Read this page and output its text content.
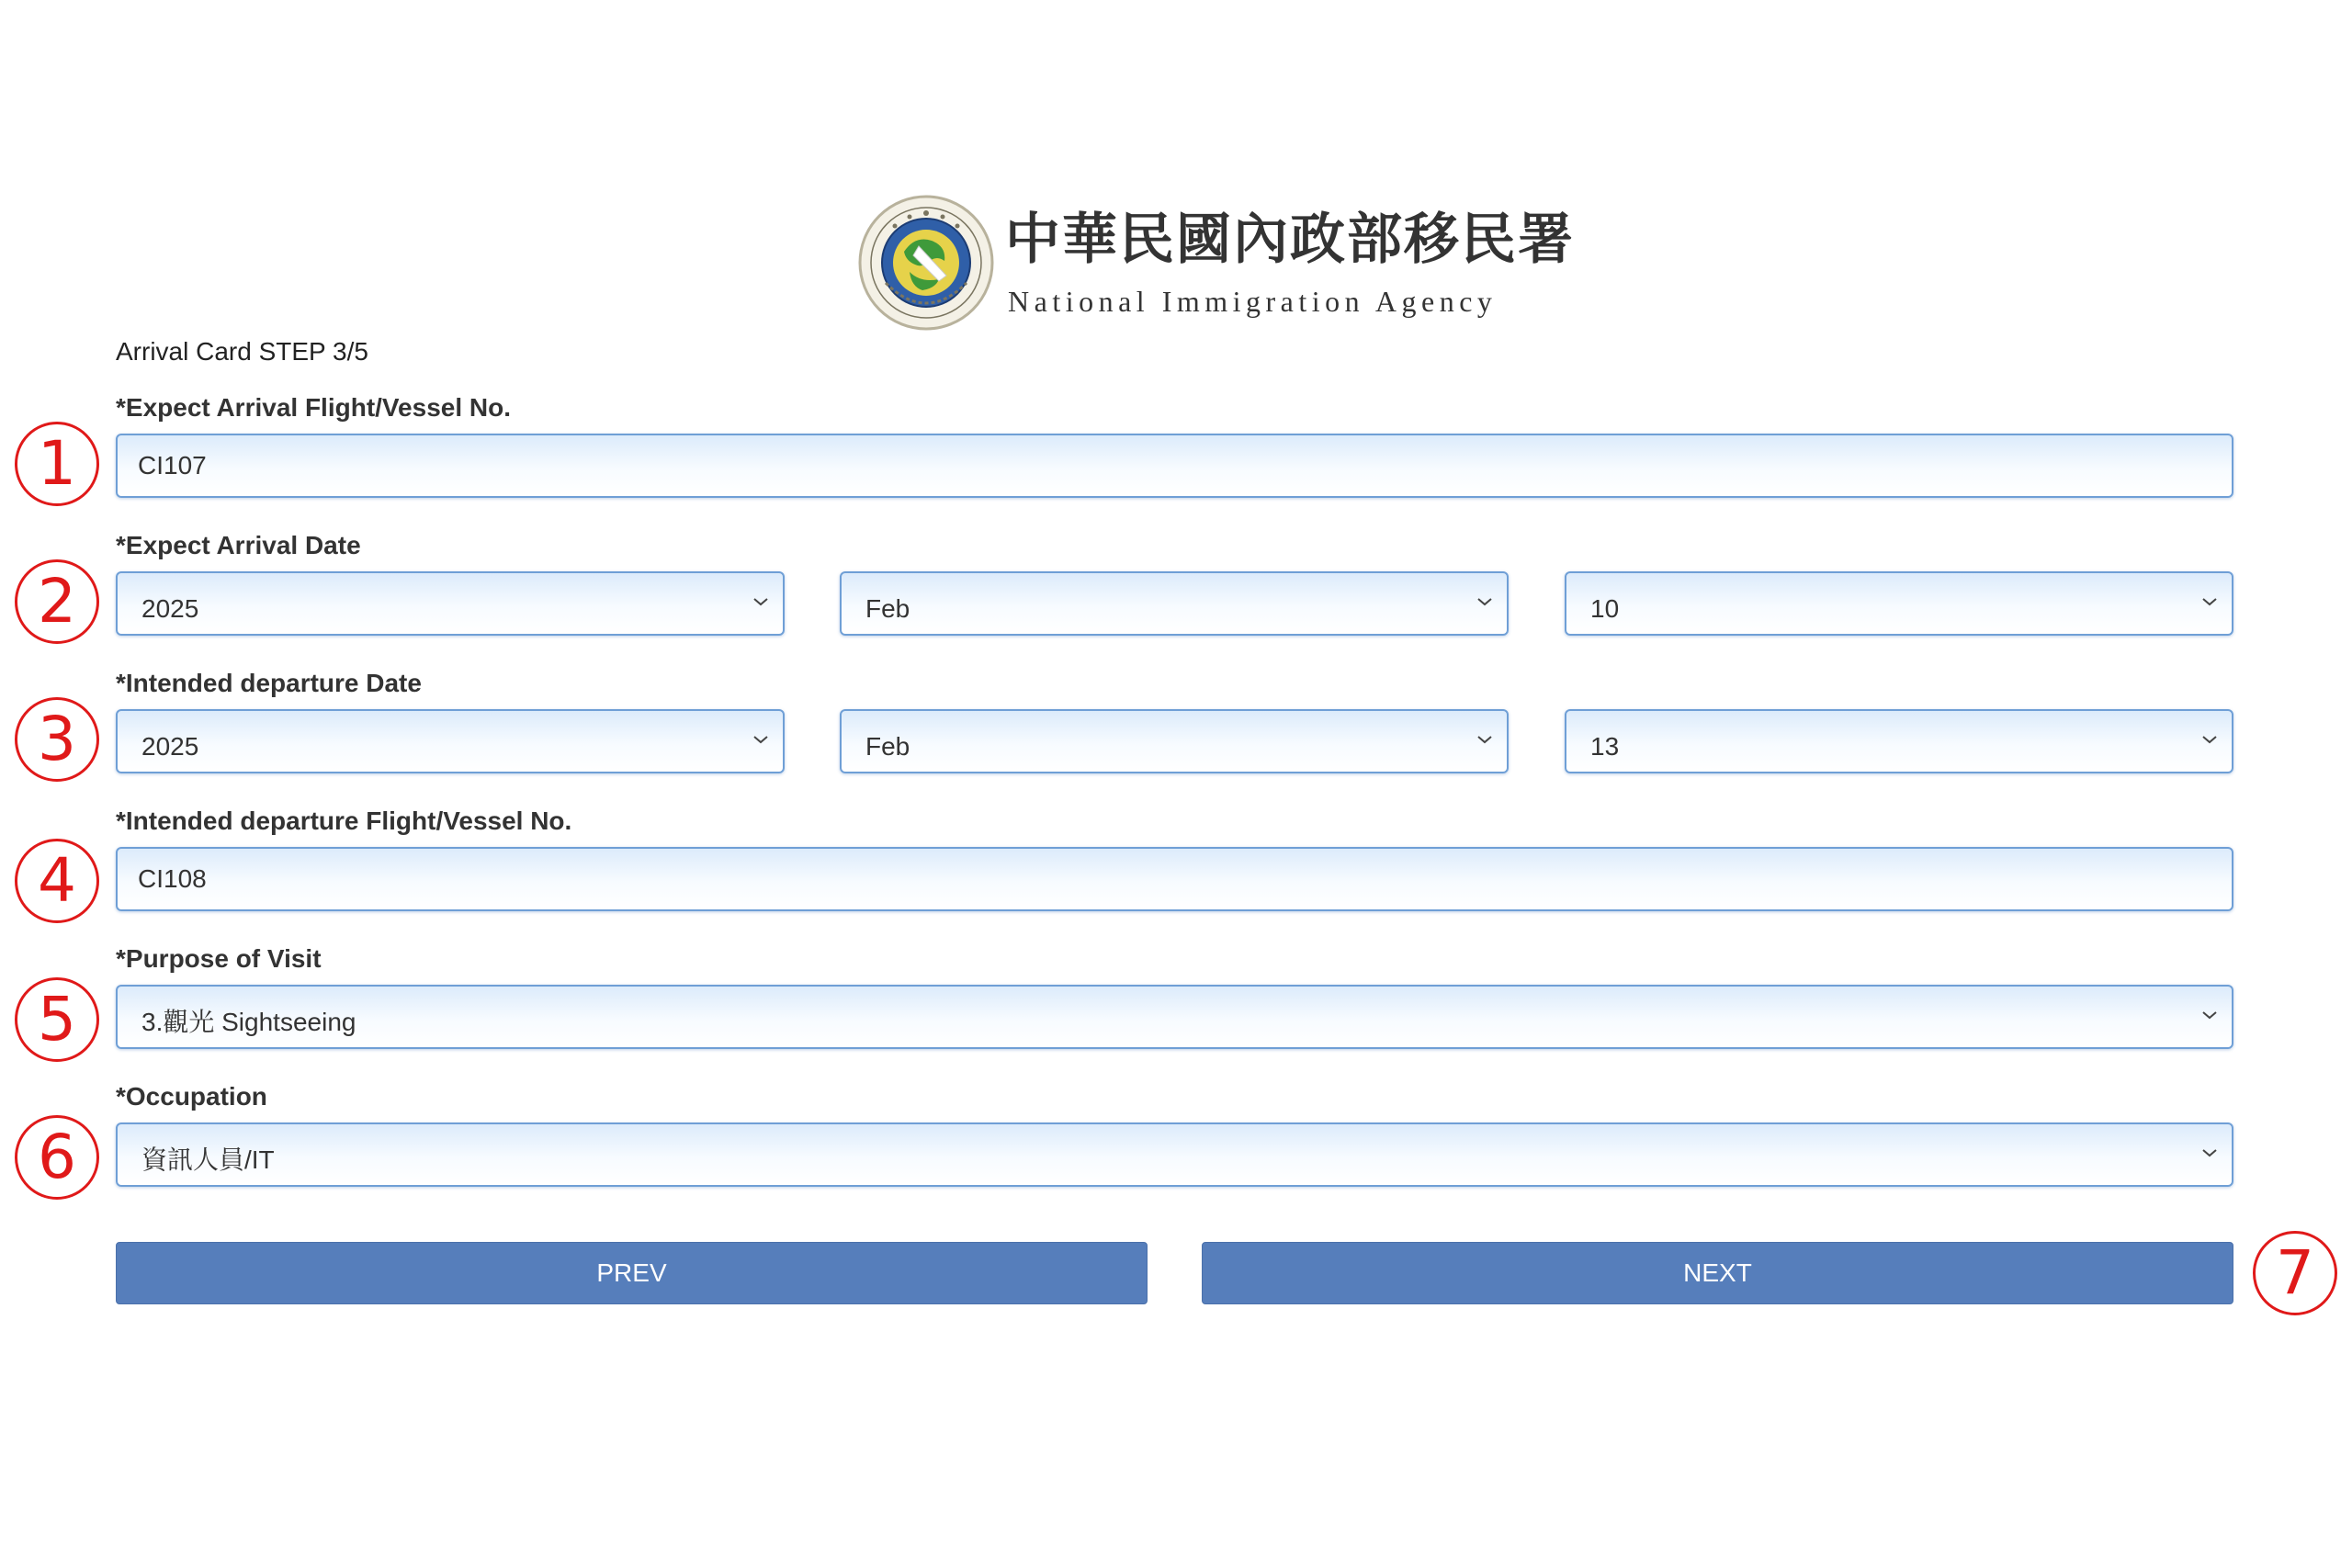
中華民國內政部移民署
National Immigration Agency
Arrival Card STEP 3/5
*Expect Arrival Flight/Vessel No.
CI107
*Expect Arrival Date
2025	Feb	10
*Intended departure Date
2025	Feb	13
*Intended departure Flight/Vessel No.
CI108
*Purpose of Visit
3.觀光 Sightseeing
*Occupation
資訊人員/IT
PREV	NEXT
1
2
3
4
5
6
7
